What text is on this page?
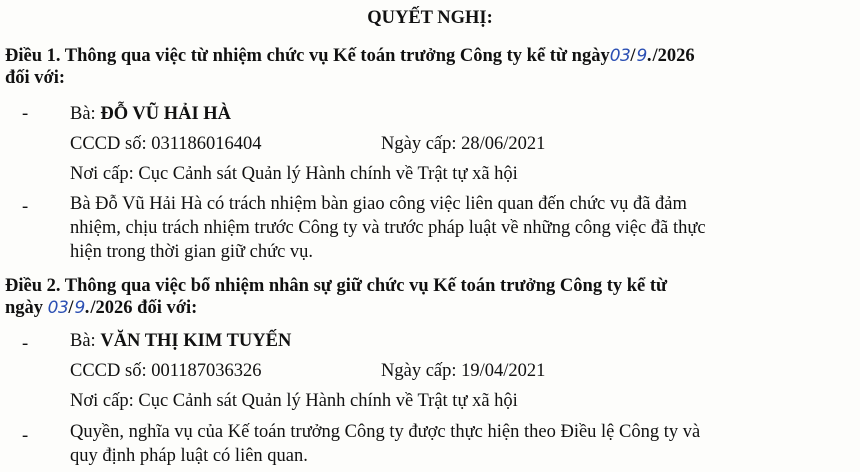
QUYẾT NGHỊ:
Điều 1. Thông qua việc từ nhiệm chức vụ Kế toán trưởng Công ty kể từ ngày03/9./2026
đối với:
- Bà: ĐỖ VŨ HẢI HÀ
CCCD số: 031186016404	Ngày cấp: 28/06/2021
Nơi cấp: Cục Cảnh sát Quản lý Hành chính về Trật tự xã hội
- Bà Đỗ Vũ Hải Hà có trách nhiệm bàn giao công việc liên quan đến chức vụ đã đảm
nhiệm, chịu trách nhiệm trước Công ty và trước pháp luật về những công việc đã thực
hiện trong thời gian giữ chức vụ.
Điều 2. Thông qua việc bổ nhiệm nhân sự giữ chức vụ Kế toán trưởng Công ty kể từ
ngày 03/9./2026 đối với:
- Bà: VĂN THỊ KIM TUYẾN
CCCD số: 001187036326	Ngày cấp: 19/04/2021
Nơi cấp: Cục Cảnh sát Quản lý Hành chính về Trật tự xã hội
- Quyền, nghĩa vụ của Kế toán trưởng Công ty được thực hiện theo Điều lệ Công ty và
quy định pháp luật có liên quan.
